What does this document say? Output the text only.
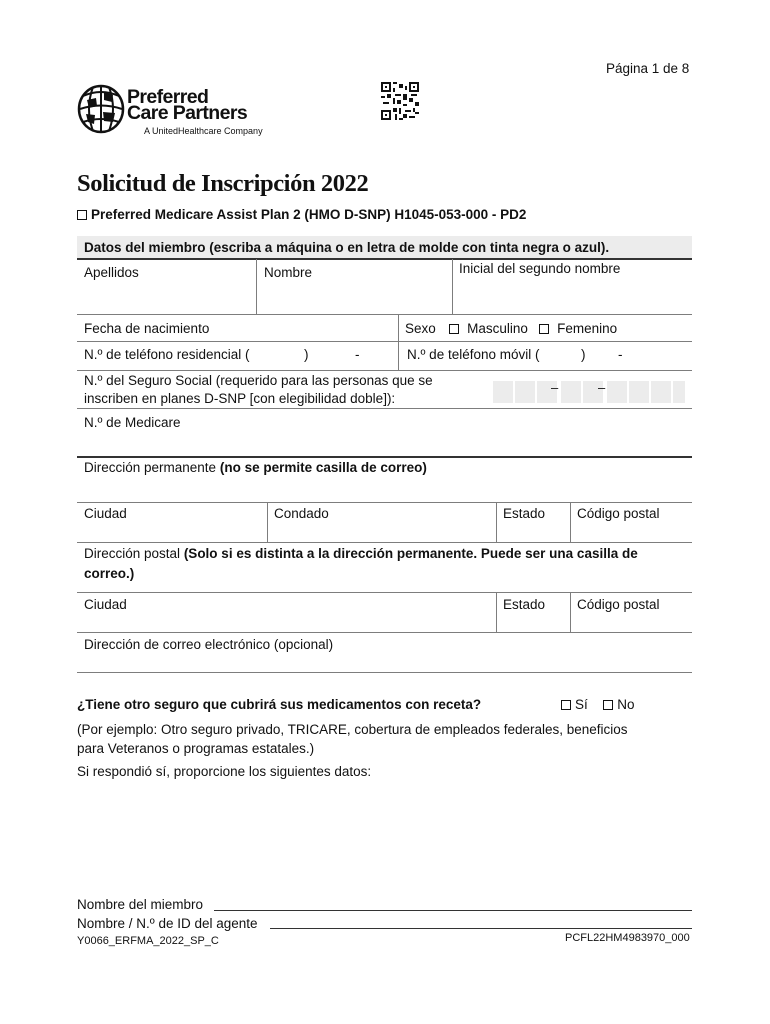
Página 1 de 8
Preferred
Care Partners
A UnitedHealthcare Company
Solicitud de Inscripción 2022
Preferred Medicare Assist Plan 2 (HMO D-SNP) H1045-053-000 - PD2
Datos del miembro (escriba a máquina o en letra de molde con tinta negra o azul).
Apellidos	Nombre	Inicial del segundo nombre
Fecha de nacimiento	Sexo Masculino Femenino
N.º de teléfono residencial (	)	-	N.º de teléfono móvil (	) -
N.º del Seguro Social (requerido para las personas que se
inscriben en planes D-SNP [con elegibilidad doble]):
–	–
N.º de Medicare
Dirección permanente (no se permite casilla de correo)
Ciudad	Condado	Estado Código postal
Dirección postal (Solo si es distinta a la dirección permanente. Puede ser una casilla de
correo.)
Ciudad	Estado Código postal
Dirección de correo electrónico (opcional)
¿Tiene otro seguro que cubrirá sus medicamentos con receta?	Sí No
(Por ejemplo: Otro seguro privado, TRICARE, cobertura de empleados federales, beneficios
para Veteranos o programas estatales.)
Si respondió sí, proporcione los siguientes datos:
Nombre del miembro
Nombre / N.º de ID del agente
Y0066_ERFMA_2022_SP_C	PCFL22HM4983970_000
